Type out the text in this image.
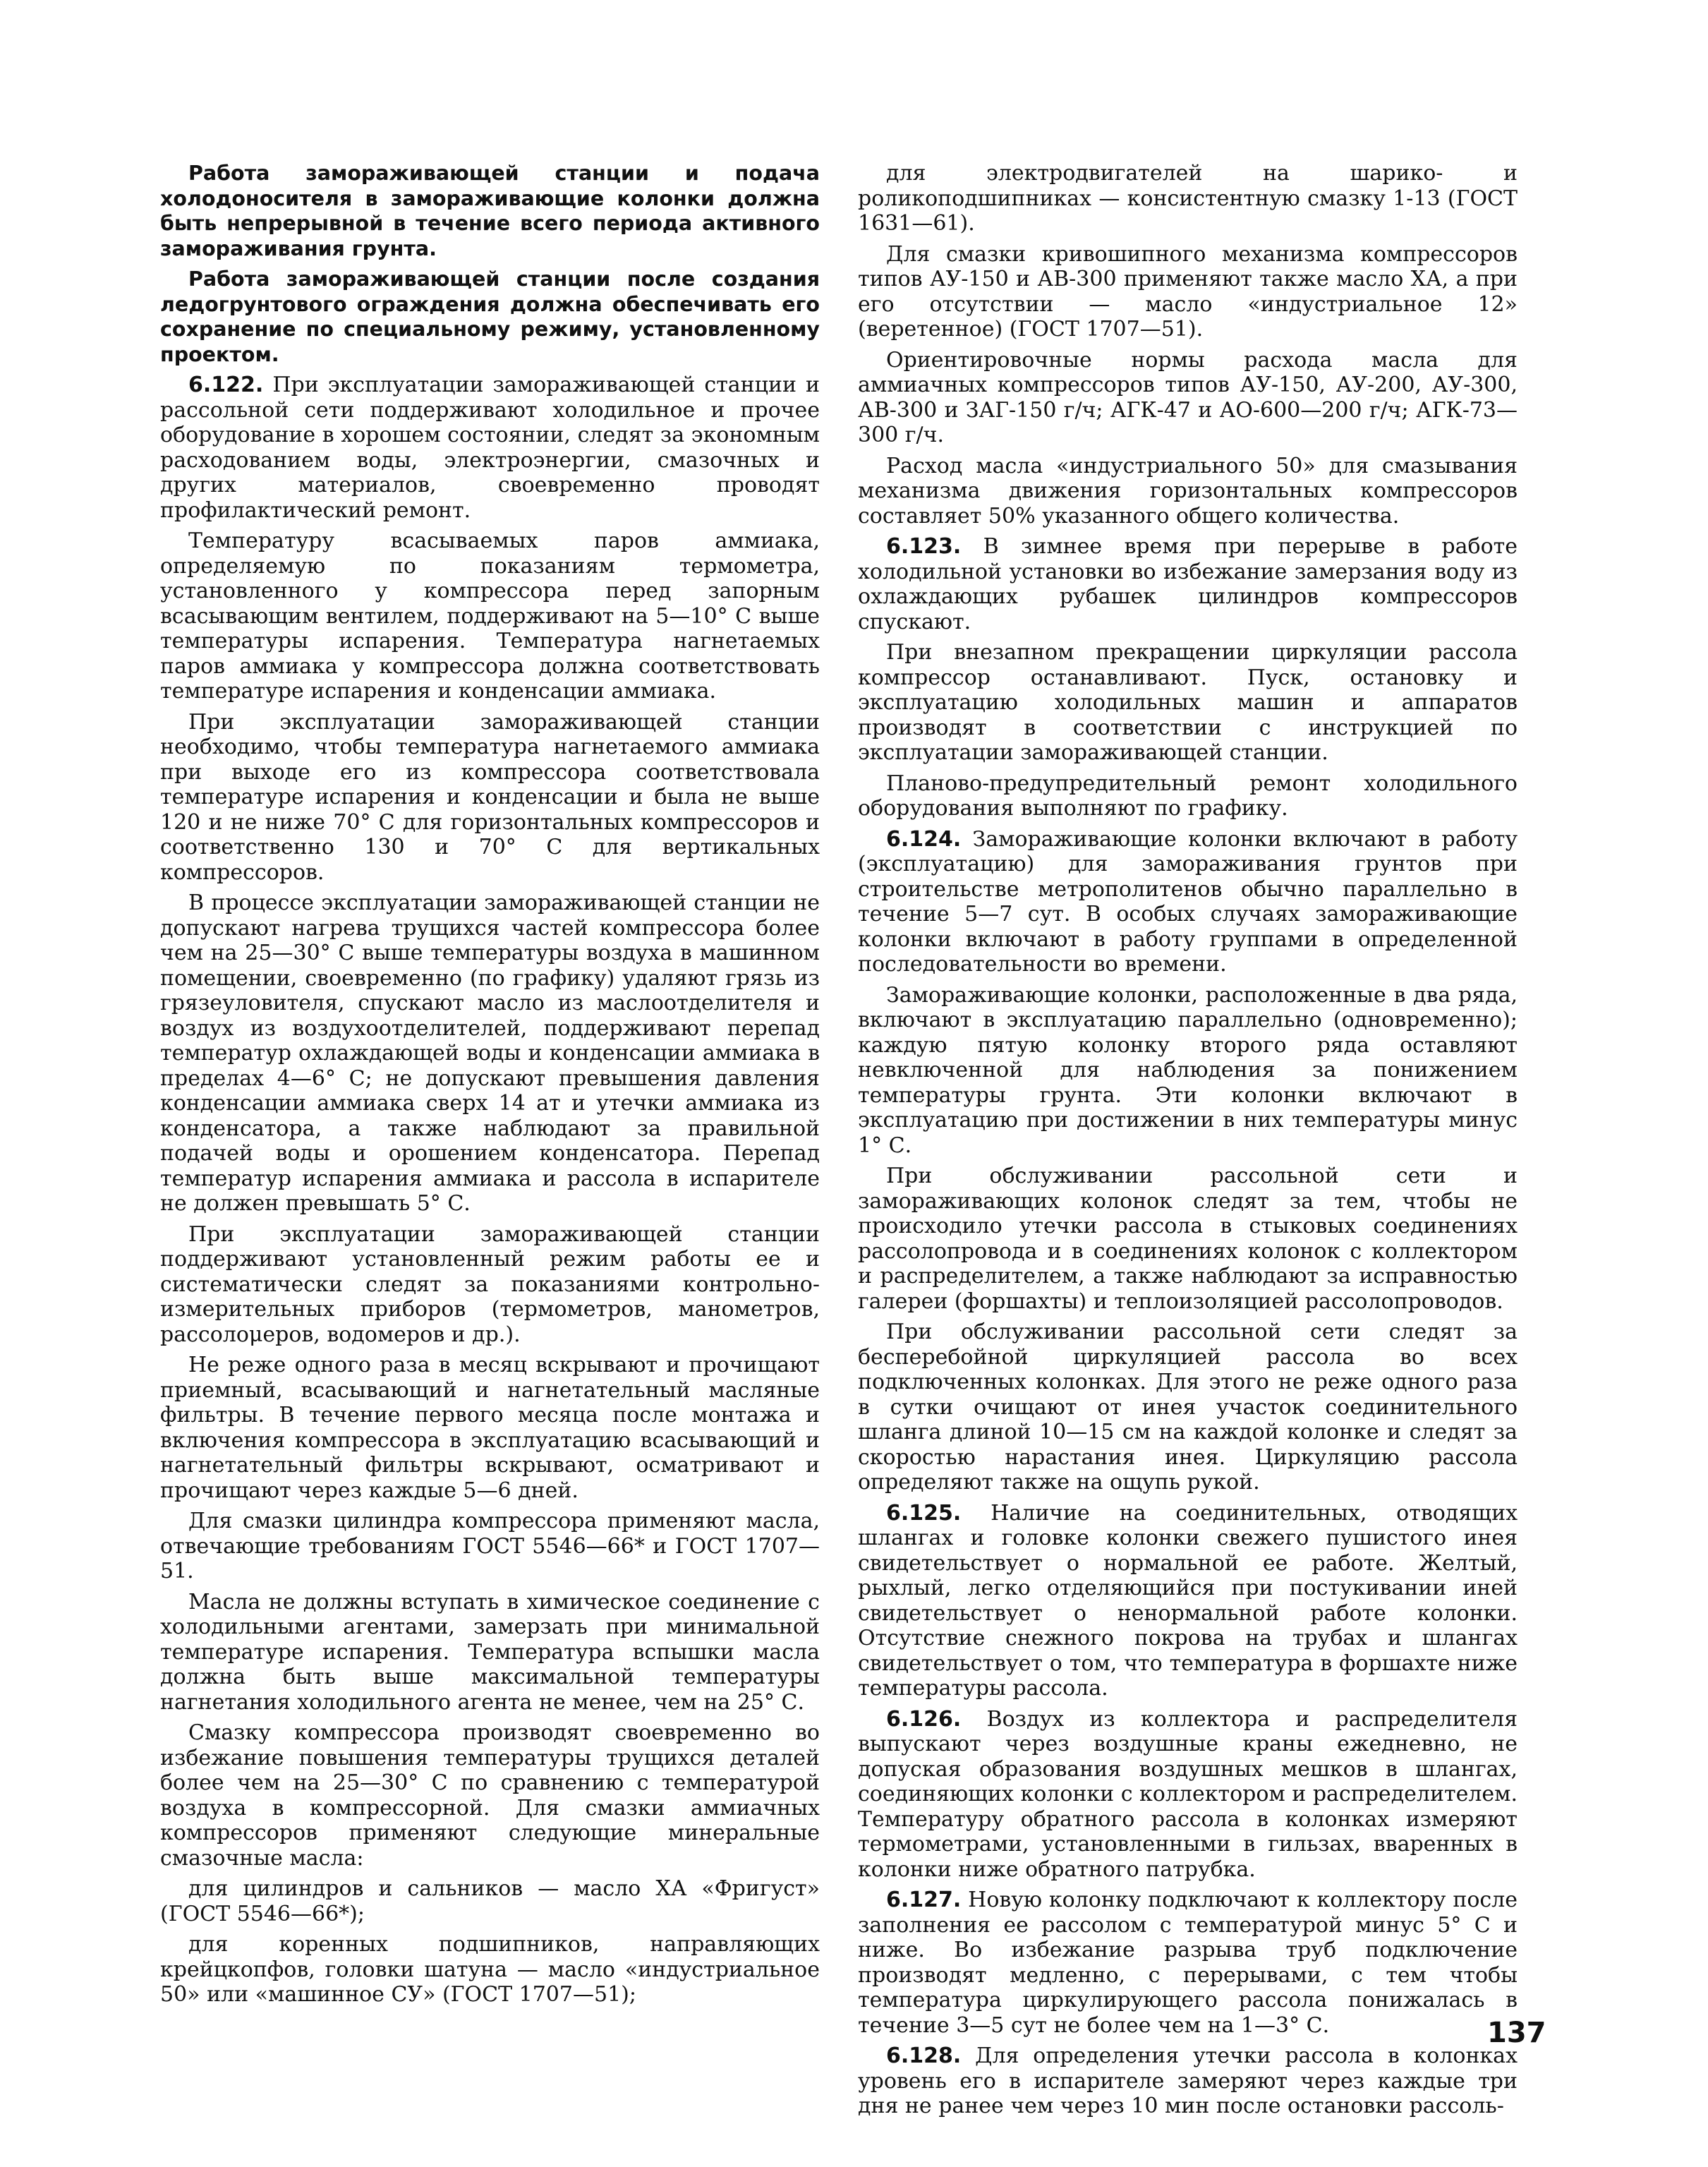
Работа замораживающей станции и подача холодоносителя в замораживающие колонки должна быть непрерывной в течение всего периода активного замораживания грунта.

Работа замораживающей станции после создания ледогрунтового ограждения должна обеспечивать его сохранение по специальному режиму, установленному проектом.

6.122. При эксплуатации замораживающей станции и рассольной сети поддерживают холодильное и прочее оборудование в хорошем состоянии, следят за экономным расходованием воды, электроэнергии, смазочных и других материалов, своевременно проводят профилактический ремонт.

Температуру всасываемых паров аммиака, определяемую по показаниям термометра, установленного у компрессора перед запорным всасывающим вентилем, поддерживают на 5—10° С выше температуры испарения. Температура нагнетаемых паров аммиака у компрессора должна соответствовать температуре испарения и конденсации аммиака.

При эксплуатации замораживающей станции необходимо, чтобы температура нагнетаемого аммиака при выходе его из компрессора соответствовала температуре испарения и конденсации и была не выше 120 и не ниже 70° С для горизонтальных компрессоров и соответственно 130 и 70° С для вертикальных компрессоров.

В процессе эксплуатации замораживающей станции не допускают нагрева трущихся частей компрессора более чем на 25—30° С выше температуры воздуха в машинном помещении, своевременно (по графику) удаляют грязь из грязеуловителя, спускают масло из маслоотделителя и воздух из воздухоотделителей, поддерживают перепад температур охлаждающей воды и конденсации аммиака в пределах 4—6° С; не допускают превышения давления конденсации аммиака сверх 14 ат и утечки аммиака из конденсатора, а также наблюдают за правильной подачей воды и орошением конденсатора. Перепад температур испарения аммиака и рассола в испарителе не должен превышать 5° С.

При эксплуатации замораживающей станции поддерживают установленный режим работы ее и систематически следят за показаниями контрольно-измерительных приборов (термометров, манометров, рассолομеров, водомеров и др.).

Не реже одного раза в месяц вскрывают и прочищают приемный, всасывающий и нагнетательный масляные фильтры. В течение первого месяца после монтажа и включения компрессора в эксплуатацию всасывающий и нагнетательный фильтры вскрывают, осматривают и прочищают через каждые 5—6 дней.

Для смазки цилиндра компрессора применяют масла, отвечающие требованиям ГОСТ 5546—66* и ГОСТ 1707—51.

Масла не должны вступать в химическое соединение с холодильными агентами, замерзать при минимальной температуре испарения. Температура вспышки масла должна быть выше максимальной температуры нагнетания холодильного агента не менее, чем на 25° С.

Смазку компрессора производят своевременно во избежание повышения температуры трущихся деталей более чем на 25—30° С по сравнению с температурой воздуха в компрессорной. Для смазки аммиачных компрессоров применяют следующие минеральные смазочные масла:

для цилиндров и сальников — масло ХА «Фригуст» (ГОСТ 5546—66*);

для коренных подшипников, направляющих крейцкопфов, головки шатуна — масло «индустриальное 50» или «машинное СУ» (ГОСТ 1707—51);

для электродвигателей на шарико- и роликоподшипниках — консистентную смазку 1-13 (ГОСТ 1631—61).

Для смазки кривошипного механизма компрессоров типов АУ-150 и АВ-300 применяют также масло ХА, а при его отсутствии — масло «индустриальное 12» (веретенное) (ГОСТ 1707—51).

Ориентировочные нормы расхода масла для аммиачных компрессоров типов АУ-150, АУ-200, АУ-300, АВ-300 и ЗАГ-150 г/ч; АГК-47 и АО-600—200 г/ч; АГК-73—300 г/ч.

Расход масла «индустриального 50» для смазывания механизма движения горизонтальных компрессоров составляет 50% указанного общего количества.

6.123. В зимнее время при перерыве в работе холодильной установки во избежание замерзания воду из охлаждающих рубашек цилиндров компрессоров спускают.

При внезапном прекращении циркуляции рассола компрессор останавливают. Пуск, остановку и эксплуатацию холодильных машин и аппаратов производят в соответствии с инструкцией по эксплуатации замораживающей станции.

Планово-предупредительный ремонт холодильного оборудования выполняют по графику.

6.124. Замораживающие колонки включают в работу (эксплуатацию) для замораживания грунтов при строительстве метрополитенов обычно параллельно в течение 5—7 сут. В особых случаях замораживающие колонки включают в работу группами в определенной последовательности во времени.

Замораживающие колонки, расположенные в два ряда, включают в эксплуатацию параллельно (одновременно); каждую пятую колонку второго ряда оставляют невключенной для наблюдения за понижением температуры грунта. Эти колонки включают в эксплуатацию при достижении в них температуры минус 1° С.

При обслуживании рассольной сети и замораживающих колонок следят за тем, чтобы не происходило утечки рассола в стыковых соединениях рассолопровода и в соединениях колонок с коллектором и распределителем, а также наблюдают за исправностью галереи (форшахты) и теплоизоляцией рассолопроводов.

При обслуживании рассольной сети следят за бесперебойной циркуляцией рассола во всех подключенных колонках. Для этого не реже одного раза в сутки очищают от инея участок соединительного шланга длиной 10—15 см на каждой колонке и следят за скоростью нарастания инея. Циркуляцию рассола определяют также на ощупь рукой.

6.125. Наличие на соединительных, отводящих шлангах и головке колонки свежего пушистого инея свидетельствует о нормальной ее работе. Желтый, рыхлый, легко отделяющийся при постукивании иней свидетельствует о ненормальной работе колонки. Отсутствие снежного покрова на трубах и шлангах свидетельствует о том, что температура в форшахте ниже температуры рассола.

6.126. Воздух из коллектора и распределителя выпускают через воздушные краны ежедневно, не допуская образования воздушных мешков в шлангах, соединяющих колонки с коллектором и распределителем. Температуру обратного рассола в колонках измеряют термометрами, установленными в гильзах, вваренных в колонки ниже обратного патрубка.

6.127. Новую колонку подключают к коллектору после заполнения ее рассолом с температурой минус 5° С и ниже. Во избежание разрыва труб подключение производят медленно, с перерывами, с тем чтобы температура циркулирующего рассола понижалась в течение 3—5 сут не более чем на 1—3° С.

6.128. Для определения утечки рассола в колонках уровень его в испарителе замеряют через каждые три дня не ранее чем через 10 мин после остановки рассоль-

137
